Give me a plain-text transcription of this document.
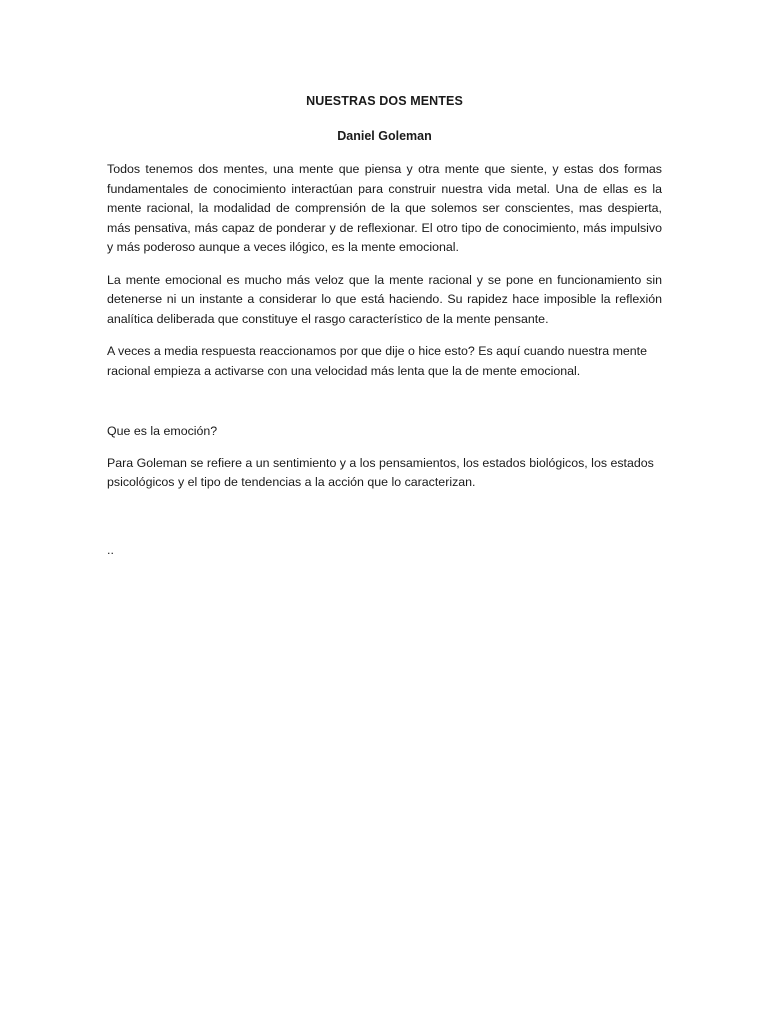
NUESTRAS DOS MENTES
Daniel Goleman

Todos tenemos dos mentes, una mente que piensa y otra mente que siente, y estas dos formas fundamentales de conocimiento interactúan para construir nuestra vida metal. Una de ellas es la mente racional, la modalidad de comprensión de la que solemos ser conscientes, mas despierta, más pensativa, más capaz de ponderar y de reflexionar. El otro tipo de conocimiento, más impulsivo y más poderoso aunque a veces ilógico, es la mente emocional.

La mente emocional es mucho más veloz que la mente racional y se pone en funcionamiento sin detenerse ni un instante a considerar lo que está haciendo. Su rapidez hace imposible la reflexión analítica deliberada que constituye el rasgo característico de la mente pensante.

A veces a media respuesta reaccionamos por que dije o hice esto? Es aquí cuando nuestra mente racional empieza a activarse con una velocidad más lenta que la de mente emocional.

Que es la emoción?

Para Goleman se refiere a un sentimiento y a los pensamientos, los estados biológicos, los estados psicológicos y el tipo de tendencias a la acción que lo caracterizan.

..
